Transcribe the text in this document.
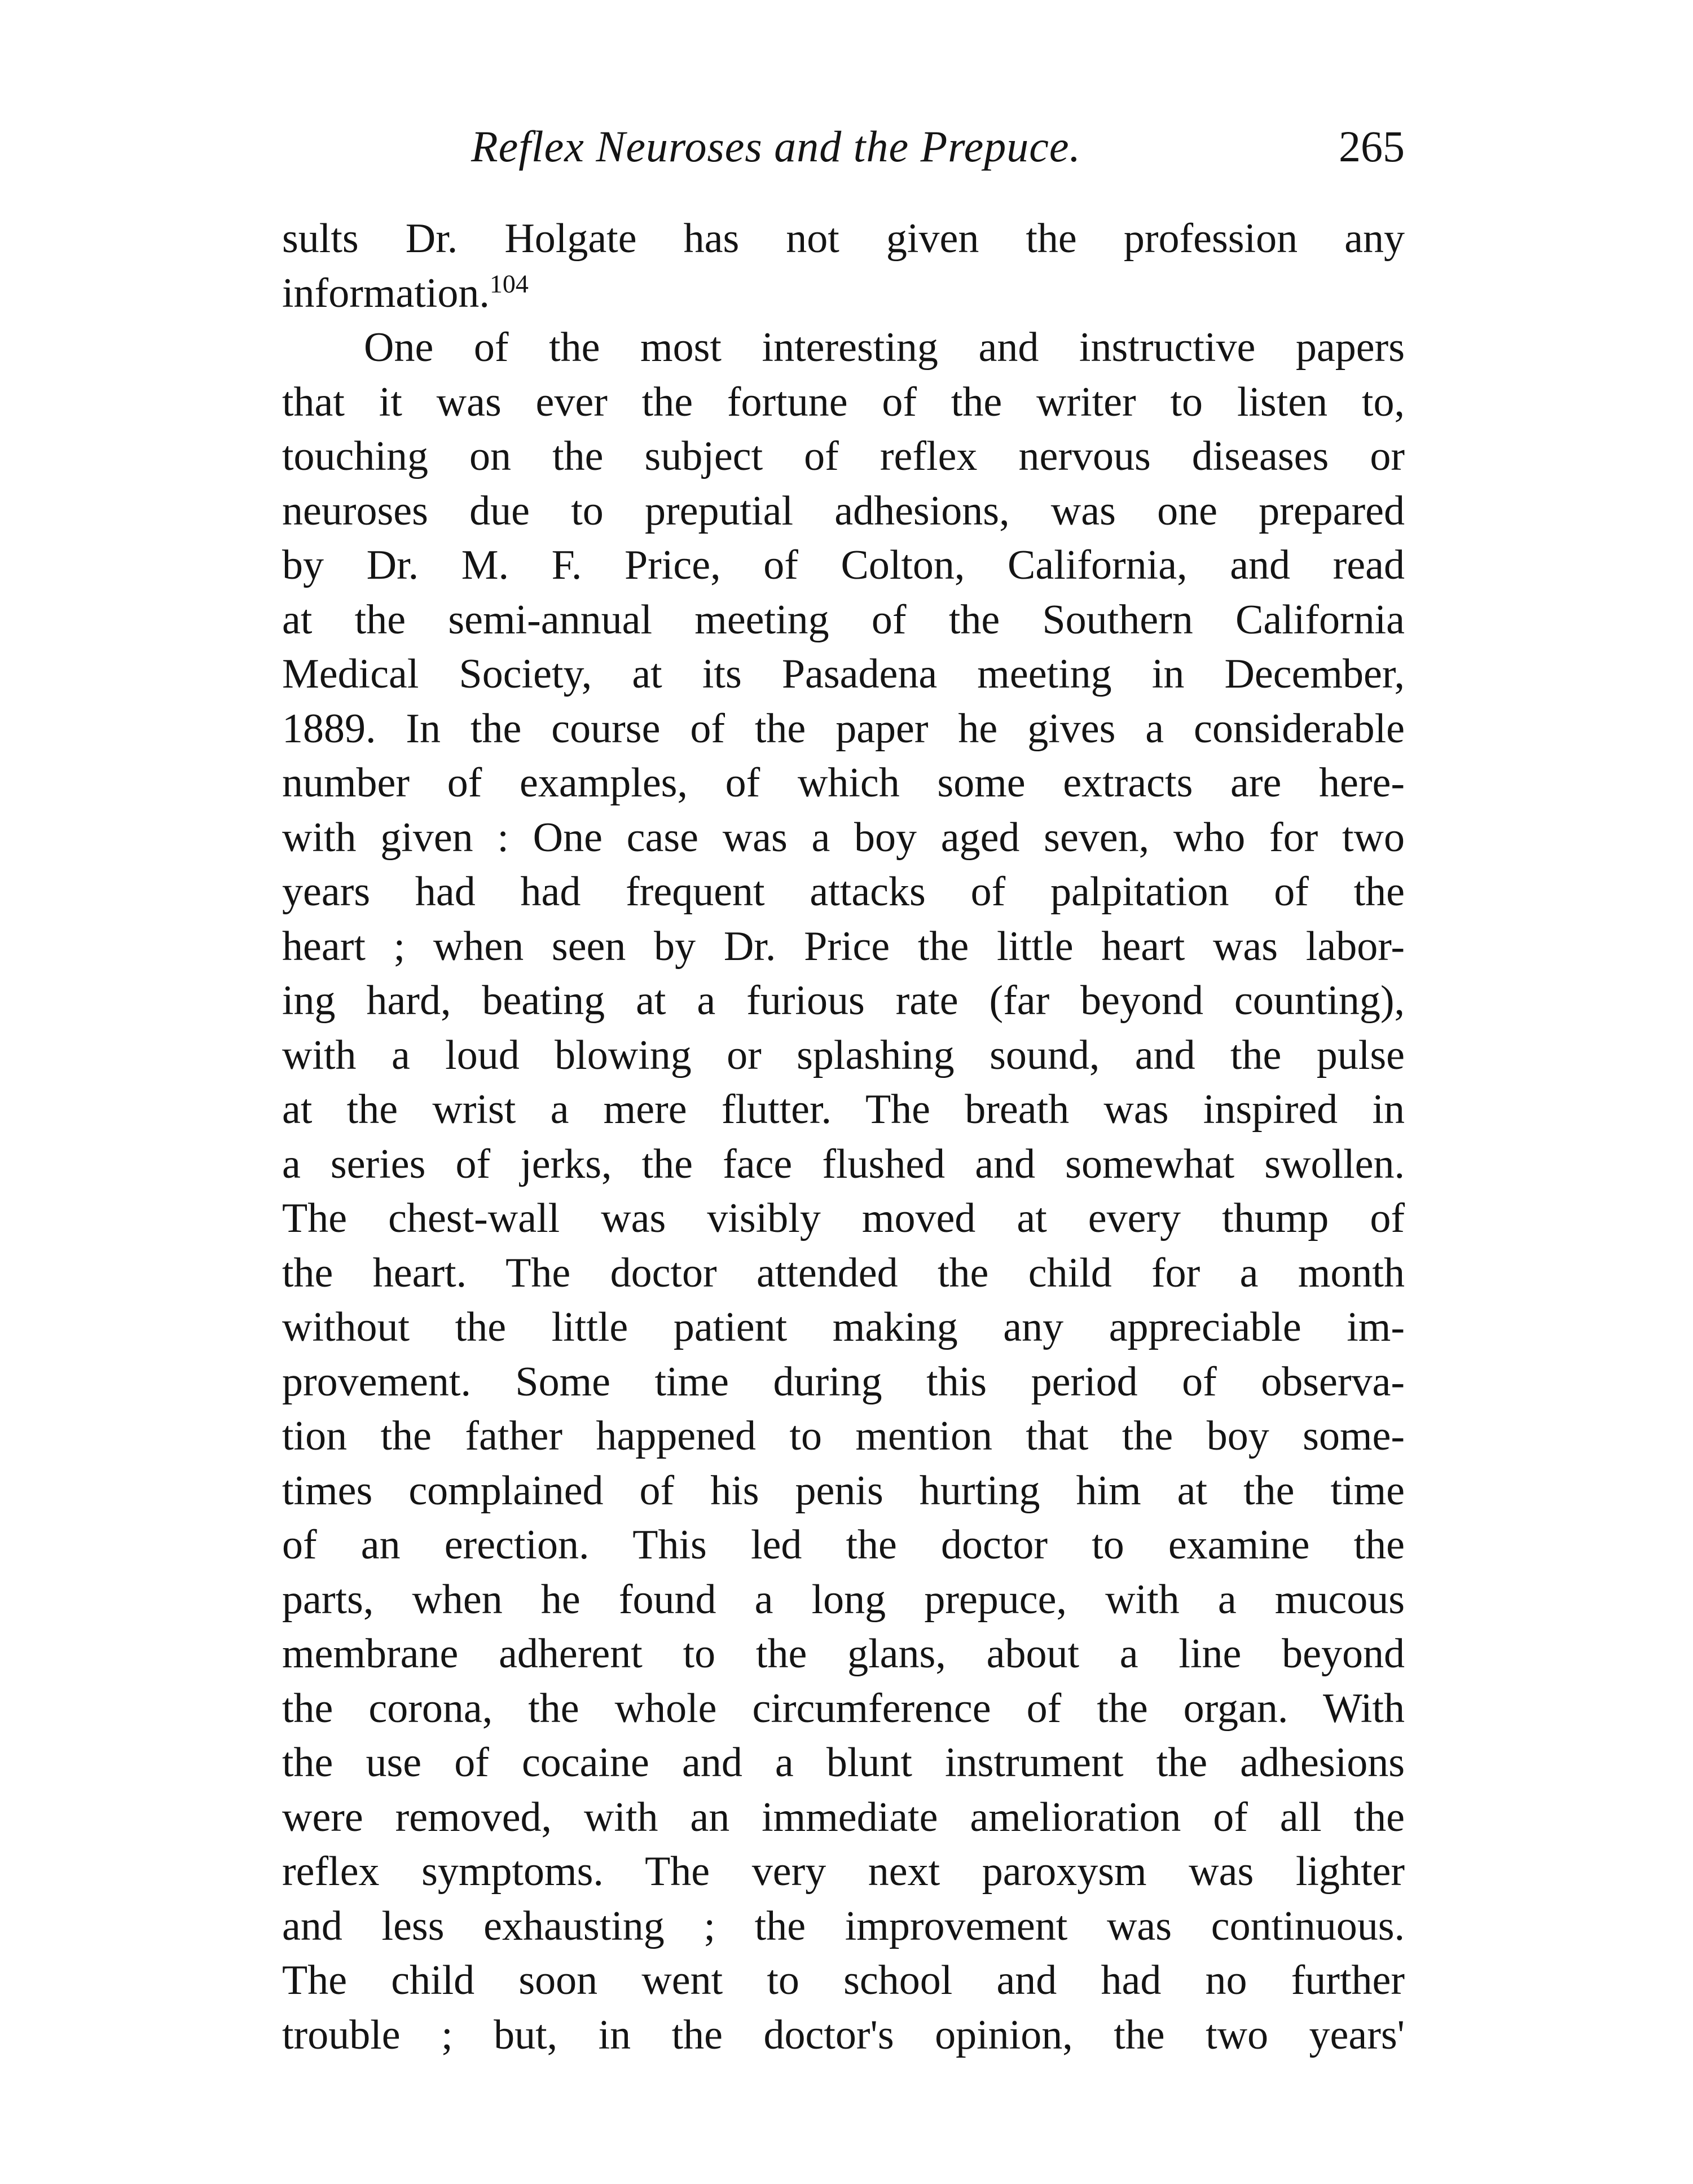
Reflex Neuroses and the Prepuce.	265
sults Dr. Holgate has not given the profession any
information.$^{104}$
One of the most interesting and instructive papers
that it was ever the fortune of the writer to listen to,
touching on the subject of reflex nervous diseases or
neuroses due to preputial adhesions, was one prepared
by Dr. M. F. Price, of Colton, California, and read
at the semi-annual meeting of the Southern California
Medical Society, at its Pasadena meeting in December,
1889. In the course of the paper he gives a considerable
number of examples, of which some extracts are here-
with given : One case was a boy aged seven, who for two
years had had frequent attacks of palpitation of the
heart ; when seen by Dr. Price the little heart was labor-
ing hard, beating at a furious rate (far beyond counting),
with a loud blowing or splashing sound, and the pulse
at the wrist a mere flutter. The breath was inspired in
a series of jerks, the face flushed and somewhat swollen.
The chest-wall was visibly moved at every thump of
the heart. The doctor attended the child for a month
without the little patient making any appreciable im-
provement. Some time during this period of observa-
tion the father happened to mention that the boy some-
times complained of his penis hurting him at the time
of an erection. This led the doctor to examine the
parts, when he found a long prepuce, with a mucous
membrane adherent to the glans, about a line beyond
the corona, the whole circumference of the organ. With
the use of cocaine and a blunt instrument the adhesions
were removed, with an immediate amelioration of all the
reflex symptoms. The very next paroxysm was lighter
and less exhausting ; the improvement was continuous.
The child soon went to school and had no further
trouble ; but, in the doctor's opinion, the two years'
